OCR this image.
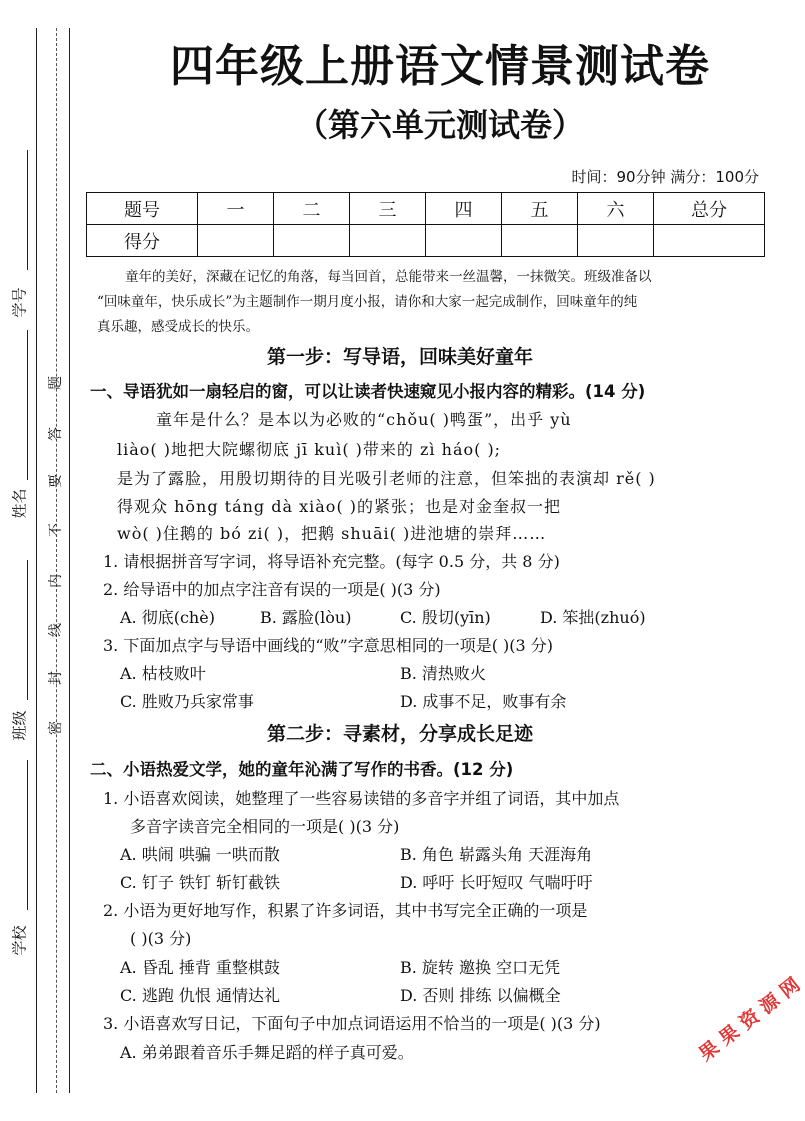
学号
姓名
班级
学校
题
答
要
不
内
线
封
密
四年级上册语文情景测试卷
（第六单元测试卷）
时间：90分钟 满分：100分
题号	一	二	三	四	五	六	总分
得分							
童年的美好，深藏在记忆的角落，每当回首，总能带来一丝温馨，一抹微笑。班级准备以
“回味童年，快乐成长”为主题制作一期月度小报，请你和大家一起完成制作，回味童年的纯
真乐趣，感受成长的快乐。
第一步：写导语，回味美好童年
一、导语犹如一扇轻启的窗，可以让读者快速窥见小报内容的精彩。(14 分)
童年是什么？是本以为必败的“chǒu( )鸭蛋”，出乎 yù
liào( )地把大院螺彻底 jī kuì( )带来的 zì háo( );
是为了露脸，用殷切期待的目光吸引老师的注意，但笨拙的表演却 rě( )
得观众 hōng táng dà xiào( )的紧张；也是对金奎叔一把
wò( )住鹅的 bó zi( )，把鹅 shuāi( )进池塘的崇拜……
1. 请根据拼音写字词，将导语补充完整。(每字 0.5 分，共 8 分)
2. 给导语中的加点字注音有误的一项是( )(3 分)
A. 彻底(chè)	B. 露脸(lòu)	C. 殷切(yīn)	D. 笨拙(zhuó)
3. 下面加点字与导语中画线的“败”字意思相同的一项是( )(3 分)
A. 枯枝败叶	B. 清热败火
C. 胜败乃兵家常事	D. 成事不足，败事有余
第二步：寻素材，分享成长足迹
二、小语热爱文学，她的童年沁满了写作的书香。(12 分)
1. 小语喜欢阅读，她整理了一些容易读错的多音字并组了词语，其中加点
多音字读音完全相同的一项是( )(3 分)
A. 哄闹 哄骗 一哄而散	B. 角色 崭露头角 天涯海角
C. 钉子 铁钉 斩钉截铁	D. 呼吁 长吁短叹 气喘吁吁
2. 小语为更好地写作，积累了许多词语，其中书写完全正确的一项是
( )(3 分)
A. 昏乱 捶背 重整棋鼓	B. 旋转 邀换 空口无凭
C. 逃跑 仇恨 通情达礼	D. 否则 排练 以偏概全
3. 小语喜欢写日记，下面句子中加点词语运用不恰当的一项是( )(3 分)
A. 弟弟跟着音乐手舞足蹈的样子真可爱。	果 果 资 源 网
